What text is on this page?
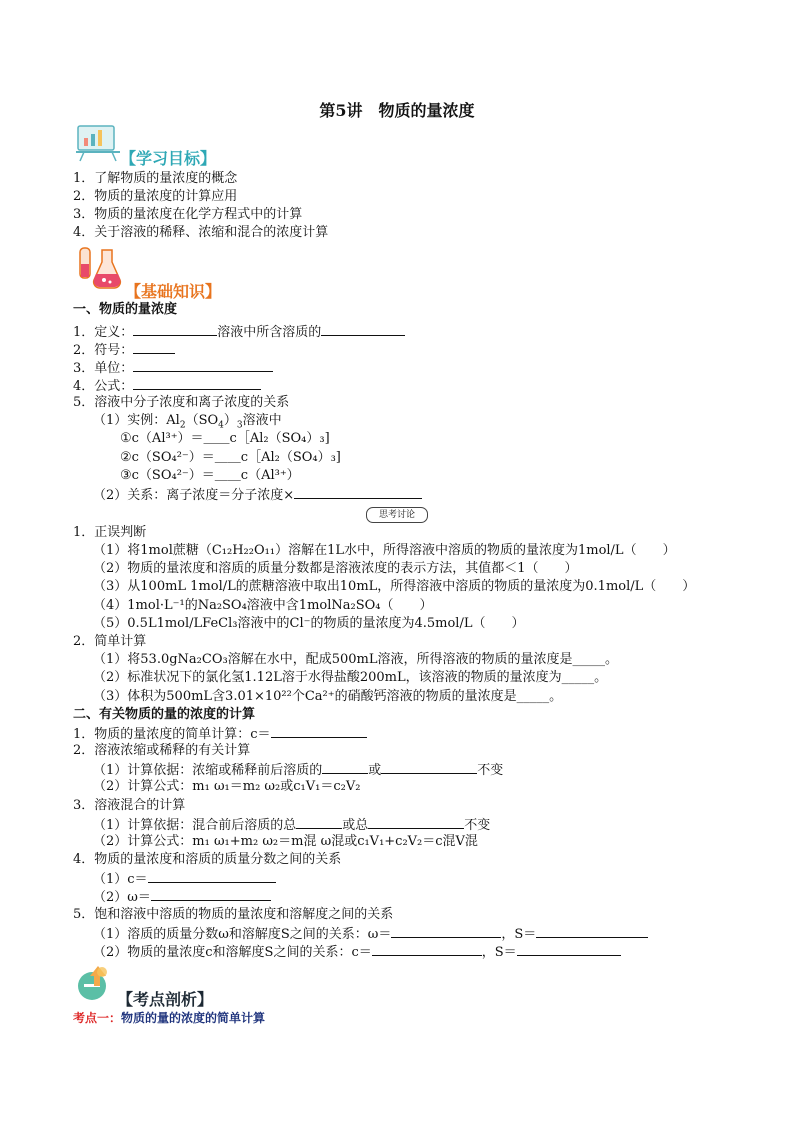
第5讲　物质的量浓度
【学习目标】
1．了解物质的量浓度的概念
2．物质的量浓度的计算应用
3．物质的量浓度在化学方程式中的计算
4．关于溶液的稀释、浓缩和混合的浓度计算
【基础知识】
一、物质的量浓度
1．定义：	溶液中所含溶质的
2．符号：
3．单位：
4．公式：
5．溶液中分子浓度和离子浓度的关系
（1）实例：$Al_2(SO_4)_3$溶液中
①c（Al³⁺）＝＿＿c［Al₂（SO₄）₃]
②c（SO₄²⁻）＝＿＿c［Al₂（SO₄）₃]
③c（SO₄²⁻）＝＿＿c（Al³⁺）
（2）关系：离子浓度＝分子浓度×
思考讨论
1．正误判断
（1）将1mol蔗糖（C₁₂H₂₂O₁₁）溶解在1L水中，所得溶液中溶质的物质的量浓度为1mol/L（　　）
（2）物质的量浓度和溶质的质量分数都是溶液浓度的表示方法，其值都＜1（　　）
（3）从100mL 1mol/L的蔗糖溶液中取出10mL，所得溶液中溶质的物质的量浓度为0.1mol/L（　　）
（4）1mol·L⁻¹的Na₂SO₄溶液中含1molNa₂SO₄（　　）
（5）0.5L1mol/LFeCl₃溶液中的Cl⁻的物质的量浓度为4.5mol/L（　　）
2．简单计算
（1）将53.0gNa₂CO₃溶解在水中，配成500mL溶液，所得溶液的物质的量浓度是_____。
（2）标准状况下的氯化氢1.12L溶于水得盐酸200mL，该溶液的物质的量浓度为_____。
（3）体积为500mL含3.01×10²²个Ca²⁺的硝酸钙溶液的物质的量浓度是_____。
二、有关物质的量的浓度的计算
1．物质的量浓度的简单计算：c＝
2．溶液浓缩或稀释的有关计算
（1）计算依据：浓缩或稀释前后溶质的	或	不变
（2）计算公式：m₁ ω₁＝m₂ ω₂或c₁V₁＝c₂V₂
3．溶液混合的计算
（1）计算依据：混合前后溶质的总	或总	不变
（2）计算公式：m₁ ω₁+m₂ ω₂＝m混 ω混或c₁V₁+c₂V₂＝c混V混
4．物质的量浓度和溶质的质量分数之间的关系
（1）c＝
（2）ω＝
5．饱和溶液中溶质的物质的量浓度和溶解度之间的关系
（1）溶质的质量分数ω和溶解度S之间的关系：ω＝	，S＝
（2）物质的量浓度c和溶解度S之间的关系：c＝	，S＝
【考点剖析】
考点一：物质的量的浓度的简单计算
